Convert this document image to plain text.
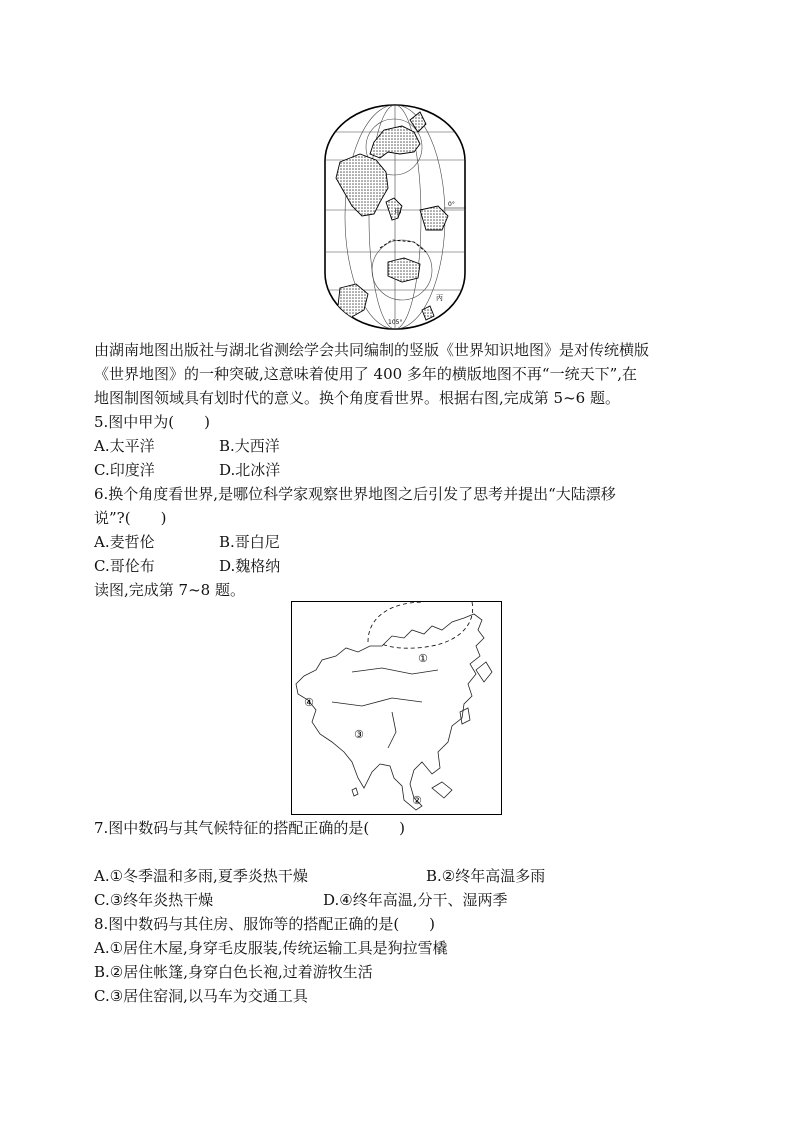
甲
0°
丙
105°
由湖南地图出版社与湖北省测绘学会共同编制的竖版《世界知识地图》是对传统横版
《世界地图》的一种突破,这意味着使用了 400 多年的横版地图不再“一统天下”,在
地图制图领域具有划时代的意义。换个角度看世界。根据右图,完成第 5~6 题。
5.图中甲为(　　)
A.太平洋	B.大西洋
C.印度洋	D.北冰洋
6.换个角度看世界,是哪位科学家观察世界地图之后引发了思考并提出“大陆漂移
说”?(　　)
A.麦哲伦	B.哥白尼
C.哥伦布	D.魏格纳
读图,完成第 7~8 题。
①
②
③
④
7.图中数码与其气候特征的搭配正确的是(　　)
A.①冬季温和多雨,夏季炎热干燥	B.②终年高温多雨
C.③终年炎热干燥	D.④终年高温,分干、湿两季
8.图中数码与其住房、服饰等的搭配正确的是(　　)
A.①居住木屋,身穿毛皮服装,传统运输工具是狗拉雪橇
B.②居住帐篷,身穿白色长袍,过着游牧生活
C.③居住窑洞,以马车为交通工具
